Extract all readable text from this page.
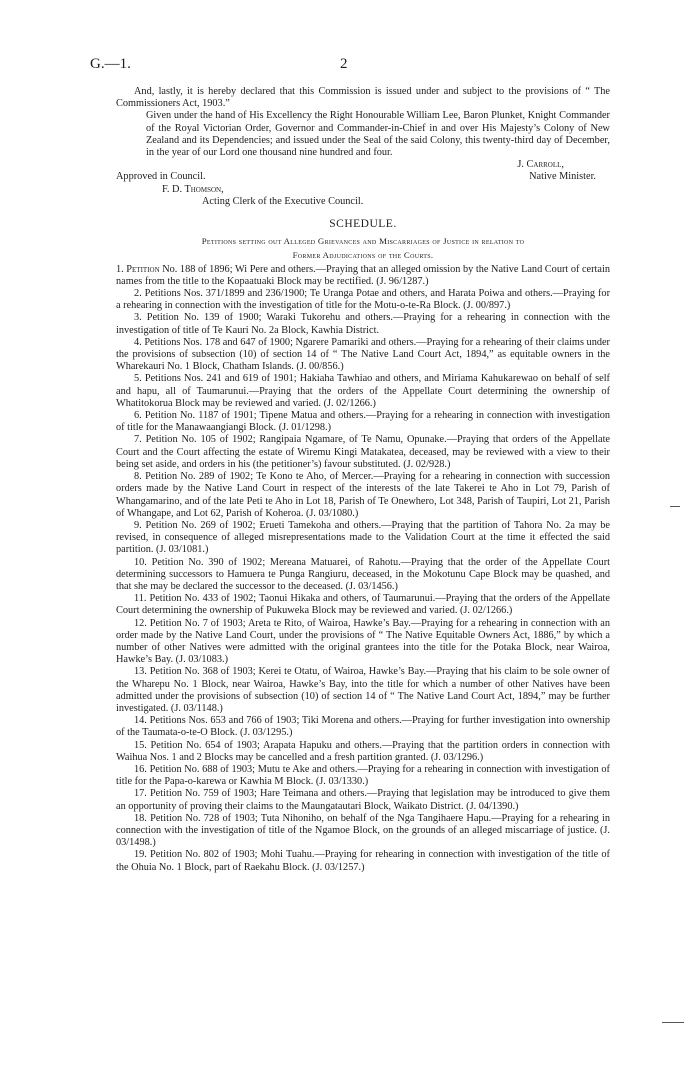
G.—1.	2

And, lastly, it is hereby declared that this Commission is issued under and subject to the provisions of “ The Commissioners Act, 1903.”

Given under the hand of His Excellency the Right Honourable William Lee, Baron Plunket, Knight Commander of the Royal Victorian Order, Governor and Commander-in-Chief in and over His Majesty’s Colony of New Zealand and its Dependencies; and issued under the Seal of the said Colony, this twenty-third day of December, in the year of our Lord one thousand nine hundred and four.

J. Carroll,

Approved in Council.	Native Minister.

F. D. Thomson,

Acting Clerk of the Executive Council.

SCHEDULE.

Petitions setting out Alleged Grievances and Miscarriages of Justice in relation to

Former Adjudications of the Courts.

1. Petition No. 188 of 1896; Wi Pere and others.—Praying that an alleged omission by the Native Land Court of certain names from the title to the Kopaatuaki Block may be rectified. (J. 96/1287.)

2. Petitions Nos. 371/1899 and 236/1900; Te Uranga Potae and others, and Harata Poiwa and others.—Praying for a rehearing in connection with the investigation of title for the Motu-o-te-Ra Block. (J. 00/897.)

3. Petition No. 139 of 1900; Waraki Tukorehu and others.—Praying for a rehearing in connection with the investigation of title of Te Kauri No. 2a Block, Kawhia District.

4. Petitions Nos. 178 and 647 of 1900; Ngarere Pamariki and others.—Praying for a rehearing of their claims under the provisions of subsection (10) of section 14 of “ The Native Land Court Act, 1894,” as equitable owners in the Wharekauri No. 1 Block, Chatham Islands. (J. 00/856.)

5. Petitions Nos. 241 and 619 of 1901; Hakiaha Tawhiao and others, and Miriama Kahukarewao on behalf of self and hapu, all of Taumarunui.—Praying that the orders of the Appellate Court determining the ownership of Whatitokorua Block may be reviewed and varied. (J. 02/1266.)

6. Petition No. 1187 of 1901; Tipene Matua and others.—Praying for a rehearing in connection with investigation of title for the Manawaangiangi Block. (J. 01/1298.)

7. Petition No. 105 of 1902; Rangipaia Ngamare, of Te Namu, Opunake.—Praying that orders of the Appellate Court and the Court affecting the estate of Wiremu Kingi Matakatea, deceased, may be reviewed with a view to their being set aside, and orders in his (the petitioner’s) favour substituted. (J. 02/928.)

8. Petition No. 289 of 1902; Te Kono te Aho, of Mercer.—Praying for a rehearing in connection with succession orders made by the Native Land Court in respect of the interests of the late Takerei te Aho in Lot 79, Parish of Whangamarino, and of the late Peti te Aho in Lot 18, Parish of Te Onewhero, Lot 348, Parish of Taupiri, Lot 21, Parish of Whangape, and Lot 62, Parish of Koheroa. (J. 03/1080.)

9. Petition No. 269 of 1902; Erueti Tamekoha and others.—Praying that the partition of Tahora No. 2a may be revised, in consequence of alleged misrepresentations made to the Validation Court at the time it effected the said partition. (J. 03/1081.)

10. Petition No. 390 of 1902; Mereana Matuarei, of Rahotu.—Praying that the order of the Appellate Court determining successors to Hamuera te Punga Rangiuru, deceased, in the Mokotunu Cape Block may be quashed, and that she may be declared the successor to the deceased. (J. 03/1456.)

11. Petition No. 433 of 1902; Taonui Hikaka and others, of Taumarunui.—Praying that the orders of the Appellate Court determining the ownership of Pukuweka Block may be reviewed and varied. (J. 02/1266.)

12. Petition No. 7 of 1903; Areta te Rito, of Wairoa, Hawke’s Bay.—Praying for a rehearing in connection with an order made by the Native Land Court, under the provisions of “ The Native Equitable Owners Act, 1886,” by which a number of other Natives were admitted with the original grantees into the title for the Potaka Block, near Wairoa, Hawke’s Bay. (J. 03/1083.)

13. Petition No. 368 of 1903; Kerei te Otatu, of Wairoa, Hawke’s Bay.—Praying that his claim to be sole owner of the Wharepu No. 1 Block, near Wairoa, Hawke’s Bay, into the title for which a number of other Natives have been admitted under the provisions of subsection (10) of section 14 of “ The Native Land Court Act, 1894,” may be further investigated. (J. 03/1148.)

14. Petitions Nos. 653 and 766 of 1903; Tiki Morena and others.—Praying for further investigation into ownership of the Taumata-o-te-O Block. (J. 03/1295.)

15. Petition No. 654 of 1903; Arapata Hapuku and others.—Praying that the partition orders in connection with Waihua Nos. 1 and 2 Blocks may be cancelled and a fresh partition granted. (J. 03/1296.)

16. Petition No. 688 of 1903; Mutu te Ake and others.—Praying for a rehearing in connection with investigation of title for the Papa-o-karewa or Kawhia M Block. (J. 03/1330.)

17. Petition No. 759 of 1903; Hare Teimana and others.—Praying that legislation may be introduced to give them an opportunity of proving their claims to the Maungatautari Block, Waikato District. (J. 04/1390.)

18. Petition No. 728 of 1903; Tuta Nihoniho, on behalf of the Nga Tangihaere Hapu.—Praying for a rehearing in connection with the investigation of title of the Ngamoe Block, on the grounds of an alleged miscarriage of justice. (J. 03/1498.)

19. Petition No. 802 of 1903; Mohi Tuahu.—Praying for rehearing in connection with investigation of the title of the Ohuia No. 1 Block, part of Raekahu Block. (J. 03/1257.)
